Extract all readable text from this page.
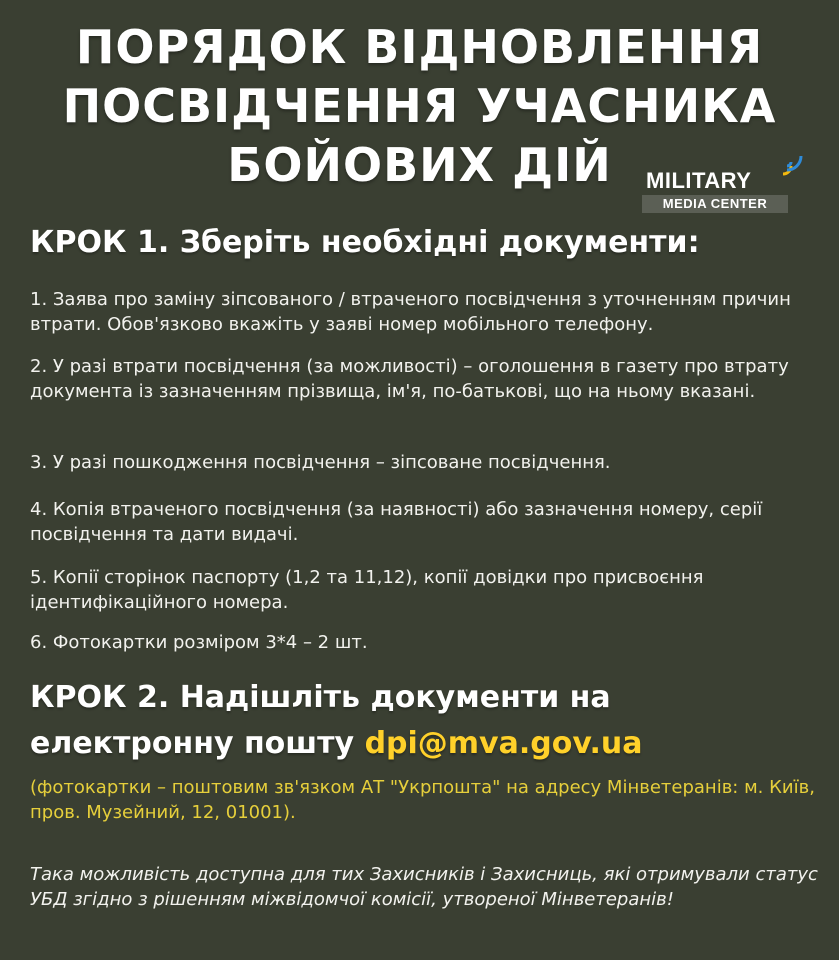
ПОРЯДОК ВІДНОВЛЕННЯ
ПОСВІДЧЕННЯ УЧАСНИКА
БОЙОВИХ ДІЙ	MILITARY
MEDIA CENTER
КРОК 1. Зберіть необхідні документи:
1. Заява про заміну зіпсованого / втраченого посвідчення з уточненням причин втрати. Обов'язково вкажіть у заяві номер мобільного телефону.
2. У разі втрати посвідчення (за можливості) – оголошення в газету про втрату документа із зазначенням прізвища, ім'я, по-батькові, що на ньому вказані.
3. У разі пошкодження посвідчення – зіпсоване посвідчення.
4. Копія втраченого посвідчення (за наявності) або зазначення номеру, серії посвідчення та дати видачі.
5. Копії сторінок паспорту (1,2 та 11,12), копії довідки про присвоєння ідентифікаційного номера.
6. Фотокартки розміром 3*4 – 2 шт.
КРОК 2. Надішліть документи на електронну пошту dpi@mva.gov.ua
(фотокартки – поштовим зв'язком АТ "Укрпошта" на адресу Мінветеранів: м. Київ, пров. Музейний, 12, 01001).
Така можливість доступна для тих Захисників і Захисниць, які отримували статус УБД згідно з рішенням міжвідомчої комісії, утвореної Мінветеранів!
